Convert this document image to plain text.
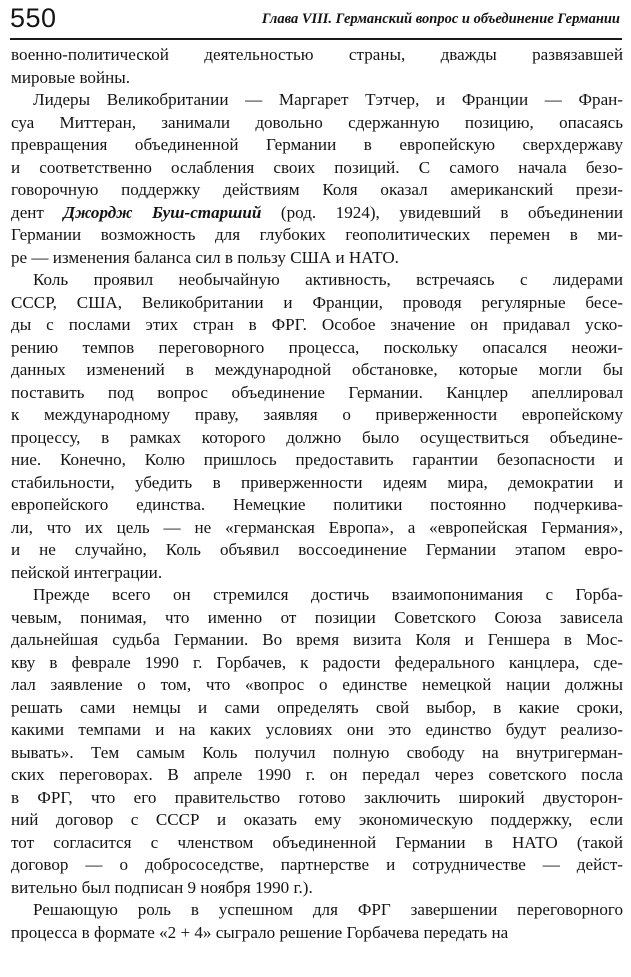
550	Глава VIII. Германский вопрос и объединение Германии
военно-политической деятельностью страны, дважды развязавшей
мировые войны.
Лидеры Великобритании — Маргарет Тэтчер, и Франции — Фран-
суа Миттеран, занимали довольно сдержанную позицию, опасаясь
превращения объединенной Германии в европейскую сверхдержаву
и соответственно ослабления своих позиций. С самого начала безо-
говорочную поддержку действиям Коля оказал американский прези-
дент Джордж Буш-старший (род. 1924), увидевший в объединении
Германии возможность для глубоких геополитических перемен в ми-
ре — изменения баланса сил в пользу США и НАТО.
Коль проявил необычайную активность, встречаясь с лидерами
СССР, США, Великобритании и Франции, проводя регулярные бесе-
ды с послами этих стран в ФРГ. Особое значение он придавал уско-
рению темпов переговорного процесса, поскольку опасался неожи-
данных изменений в международной обстановке, которые могли бы
поставить под вопрос объединение Германии. Канцлер апеллировал
к международному праву, заявляя о приверженности европейскому
процессу, в рамках которого должно было осуществиться объедине-
ние. Конечно, Колю пришлось предоставить гарантии безопасности и
стабильности, убедить в приверженности идеям мира, демократии и
европейского единства. Немецкие политики постоянно подчеркива-
ли, что их цель — не «германская Европа», а «европейская Германия»,
и не случайно, Коль объявил воссоединение Германии этапом евро-
пейской интеграции.
Прежде всего он стремился достичь взаимопонимания с Горба-
чевым, понимая, что именно от позиции Советского Союза зависела
дальнейшая судьба Германии. Во время визита Коля и Геншера в Мос-
кву в феврале 1990 г. Горбачев, к радости федерального канцлера, сде-
лал заявление о том, что «вопрос о единстве немецкой нации должны
решать сами немцы и сами определять свой выбор, в какие сроки,
какими темпами и на каких условиях они это единство будут реализо-
вывать». Тем самым Коль получил полную свободу на внутригерман-
ских переговорах. В апреле 1990 г. он передал через советского посла
в ФРГ, что его правительство готово заключить широкий двусторон-
ний договор с СССР и оказать ему экономическую поддержку, если
тот согласится с членством объединенной Германии в НАТО (такой
договор — о добрососедстве, партнерстве и сотрудничестве — дейст-
вительно был подписан 9 ноября 1990 г.).
Решающую роль в успешном для ФРГ завершении переговорного
процесса в формате «2 + 4» сыграло решение Горбачева передать на
